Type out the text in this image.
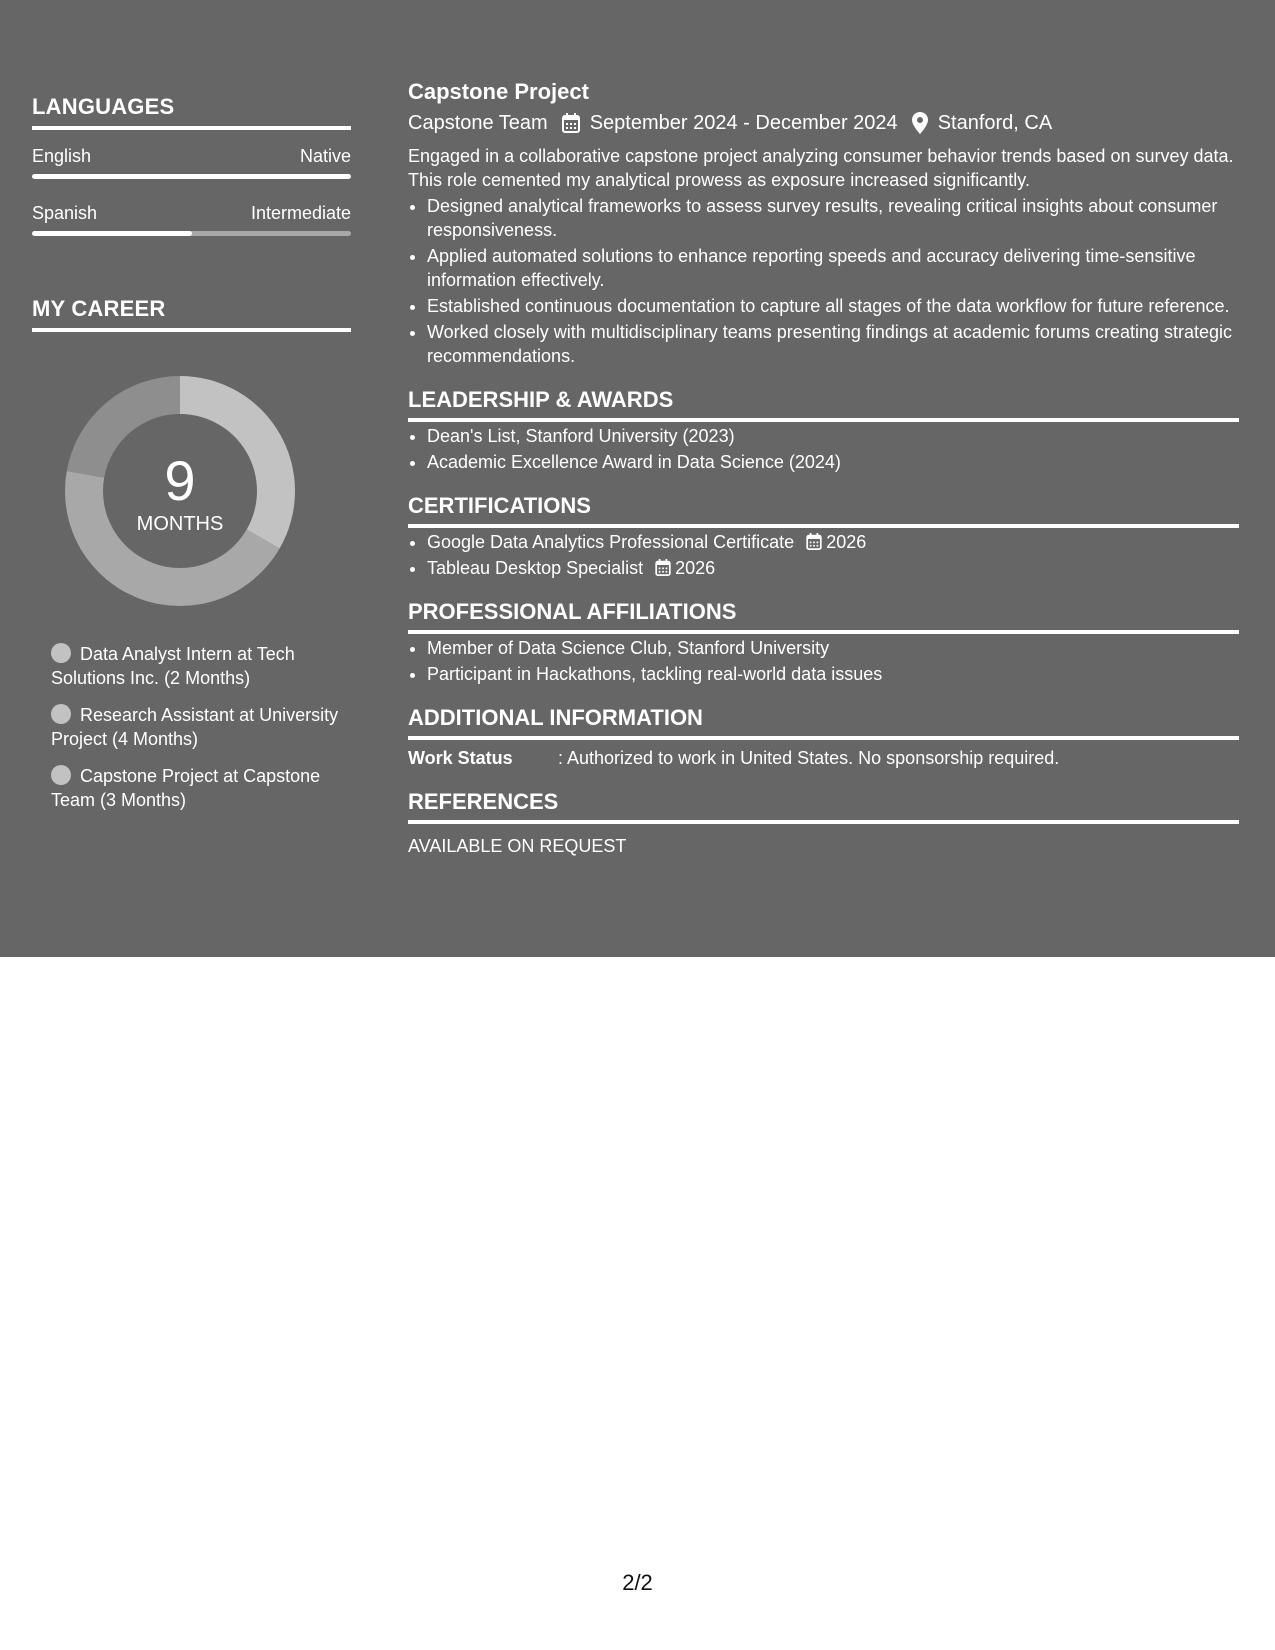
LANGUAGES
English	Native
Spanish	Intermediate
MY CAREER
9
MONTHS
Data Analyst Intern at Tech Solutions Inc. (2 Months)
Research Assistant at University Project (4 Months)
Capstone Project at Capstone Team (3 Months)
Capstone Project
Capstone Team September 2024 - December 2024 Stanford, CA
Engaged in a collaborative capstone project analyzing consumer behavior trends based on survey data. This role cemented my analytical prowess as exposure increased significantly.
• Designed analytical frameworks to assess survey results, revealing critical insights about consumer responsiveness.
• Applied automated solutions to enhance reporting speeds and accuracy delivering time-sensitive information effectively.
• Established continuous documentation to capture all stages of the data workflow for future reference.
• Worked closely with multidisciplinary teams presenting findings at academic forums creating strategic recommendations.
LEADERSHIP & AWARDS
• Dean's List, Stanford University (2023)
• Academic Excellence Award in Data Science (2024)
CERTIFICATIONS
• Google Data Analytics Professional Certificate 2026
• Tableau Desktop Specialist 2026
PROFESSIONAL AFFILIATIONS
• Member of Data Science Club, Stanford University
• Participant in Hackathons, tackling real-world data issues
ADDITIONAL INFORMATION
Work Status	: Authorized to work in United States. No sponsorship required.
REFERENCES
AVAILABLE ON REQUEST
2/2
